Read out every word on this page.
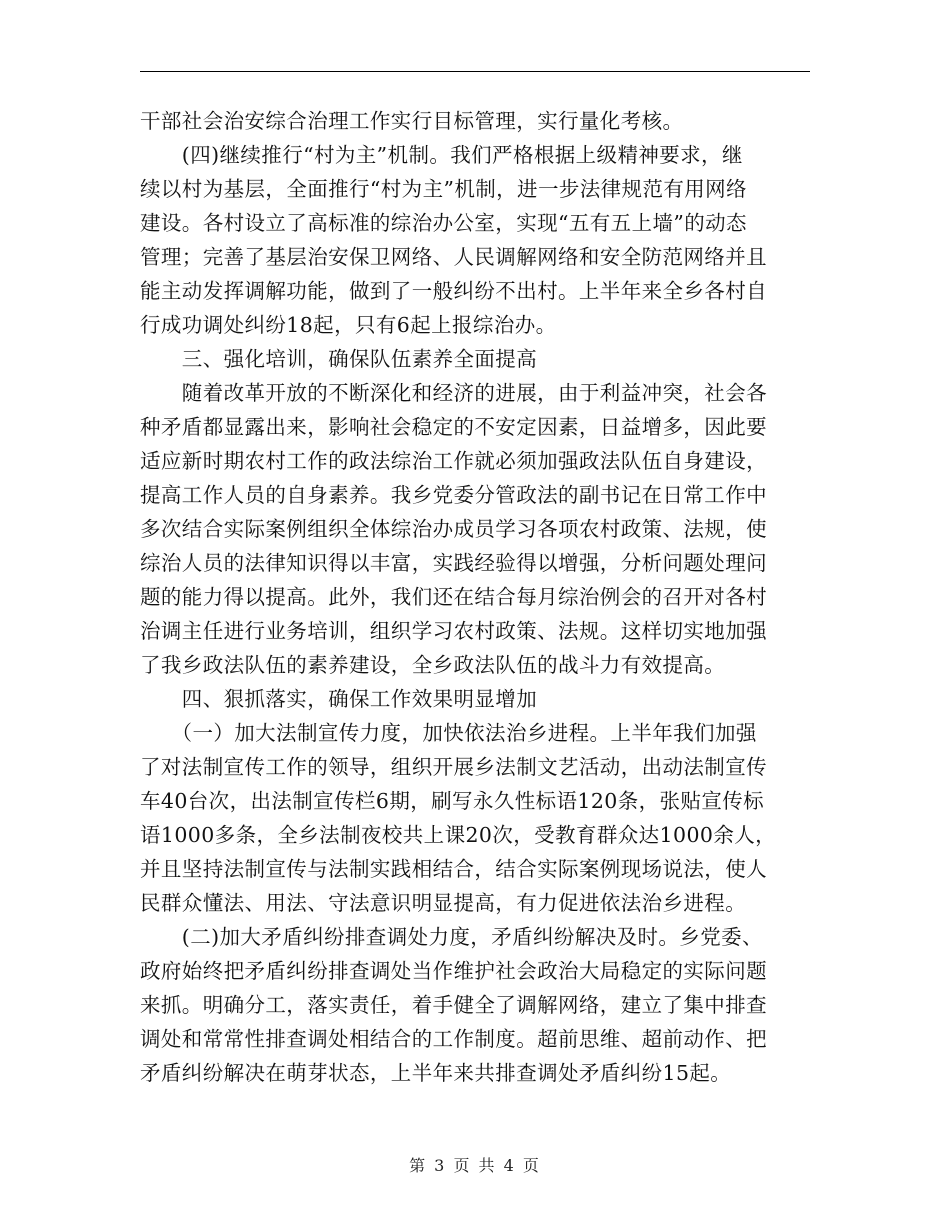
干部社会治安综合治理工作实行目标管理，实行量化考核。
　　(四)继续推行“村为主”机制。我们严格根据上级精神要求，继
续以村为基层，全面推行“村为主”机制，进一步法律规范有用网络
建设。各村设立了高标准的综治办公室，实现“五有五上墙”的动态
管理；完善了基层治安保卫网络、人民调解网络和安全防范网络并且
能主动发挥调解功能，做到了一般纠纷不出村。上半年来全乡各村自
行成功调处纠纷18起，只有6起上报综治办。
　　三、强化培训，确保队伍素养全面提高
　　随着改革开放的不断深化和经济的进展，由于利益冲突，社会各
种矛盾都显露出来，影响社会稳定的不安定因素，日益增多，因此要
适应新时期农村工作的政法综治工作就必须加强政法队伍自身建设，
提高工作人员的自身素养。我乡党委分管政法的副书记在日常工作中
多次结合实际案例组织全体综治办成员学习各项农村政策、法规，使
综治人员的法律知识得以丰富，实践经验得以增强，分析问题处理问
题的能力得以提高。此外，我们还在结合每月综治例会的召开对各村
治调主任进行业务培训，组织学习农村政策、法规。这样切实地加强
了我乡政法队伍的素养建设，全乡政法队伍的战斗力有效提高。
　　四、狠抓落实，确保工作效果明显增加
　　（一）加大法制宣传力度，加快依法治乡进程。上半年我们加强
了对法制宣传工作的领导，组织开展乡法制文艺活动，出动法制宣传
车40台次，出法制宣传栏6期，刷写永久性标语120条，张贴宣传标
语1000多条，全乡法制夜校共上课20次，受教育群众达1000余人，
并且坚持法制宣传与法制实践相结合，结合实际案例现场说法，使人
民群众懂法、用法、守法意识明显提高，有力促进依法治乡进程。
　　(二)加大矛盾纠纷排查调处力度，矛盾纠纷解决及时。乡党委、
政府始终把矛盾纠纷排查调处当作维护社会政治大局稳定的实际问题
来抓。明确分工，落实责任，着手健全了调解网络，建立了集中排查
调处和常常性排查调处相结合的工作制度。超前思维、超前动作、把
矛盾纠纷解决在萌芽状态，上半年来共排查调处矛盾纠纷15起。
第 3 页 共 4 页
